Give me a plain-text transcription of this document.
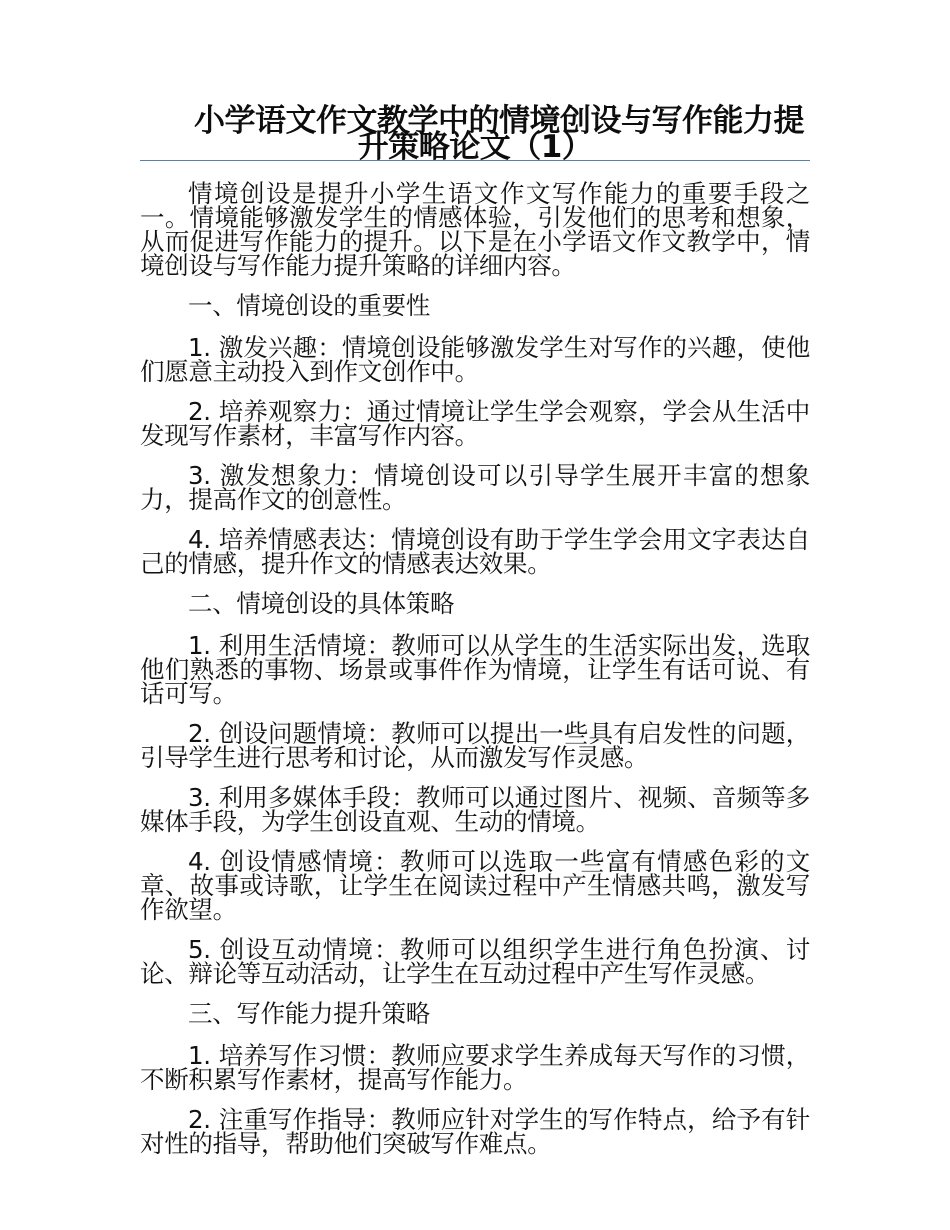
小学语文作文教学中的情境创设与写作能力提升策略论文（1）

情境创设是提升小学生语文作文写作能力的重要手段之一。情境能够激发学生的情感体验，引发他们的思考和想象，从而促进写作能力的提升。以下是在小学语文作文教学中，情境创设与写作能力提升策略的详细内容。

一、情境创设的重要性

1. 激发兴趣：情境创设能够激发学生对写作的兴趣，使他们愿意主动投入到作文创作中。

2. 培养观察力：通过情境让学生学会观察，学会从生活中发现写作素材，丰富写作内容。

3. 激发想象力：情境创设可以引导学生展开丰富的想象力，提高作文的创意性。

4. 培养情感表达：情境创设有助于学生学会用文字表达自己的情感，提升作文的情感表达效果。

二、情境创设的具体策略

1. 利用生活情境：教师可以从学生的生活实际出发，选取他们熟悉的事物、场景或事件作为情境，让学生有话可说、有话可写。

2. 创设问题情境：教师可以提出一些具有启发性的问题，引导学生进行思考和讨论，从而激发写作灵感。

3. 利用多媒体手段：教师可以通过图片、视频、音频等多媒体手段，为学生创设直观、生动的情境。

4. 创设情感情境：教师可以选取一些富有情感色彩的文章、故事或诗歌，让学生在阅读过程中产生情感共鸣，激发写作欲望。

5. 创设互动情境：教师可以组织学生进行角色扮演、讨论、辩论等互动活动，让学生在互动过程中产生写作灵感。

三、写作能力提升策略

1. 培养写作习惯：教师应要求学生养成每天写作的习惯，不断积累写作素材，提高写作能力。

2. 注重写作指导：教师应针对学生的写作特点，给予有针对性的指导，帮助他们突破写作难点。
